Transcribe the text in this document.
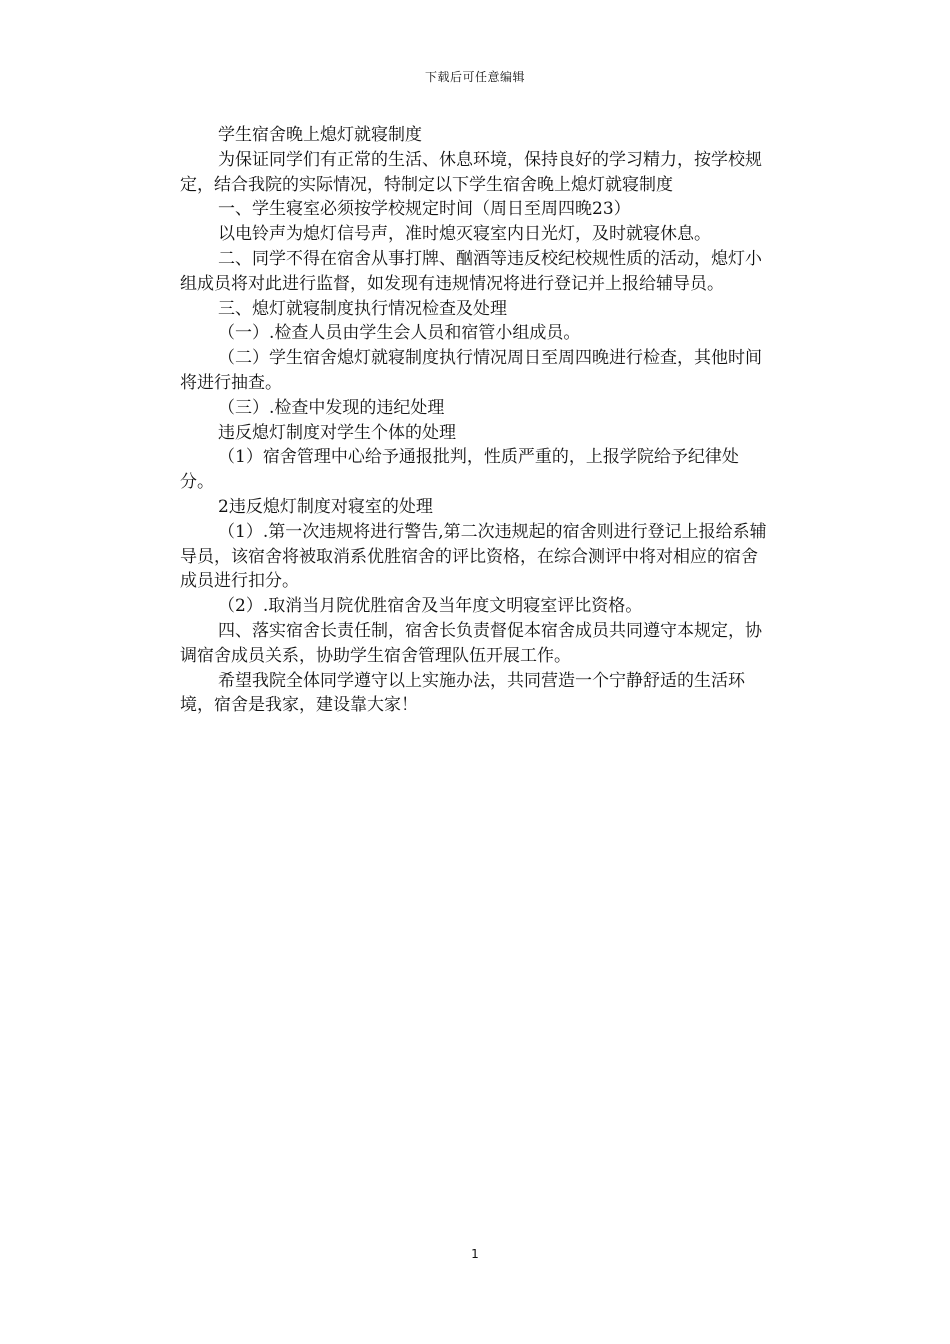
下载后可任意编辑

学生宿舍晚上熄灯就寝制度

为保证同学们有正常的生活、休息环境，保持良好的学习精力，按学校规定，结合我院的实际情况，特制定以下学生宿舍晚上熄灯就寝制度

一、学生寝室必须按学校规定时间（周日至周四晚23）

以电铃声为熄灯信号声，准时熄灭寝室内日光灯，及时就寝休息。

二、同学不得在宿舍从事打牌、酗酒等违反校纪校规性质的活动，熄灯小组成员将对此进行监督，如发现有违规情况将进行登记并上报给辅导员。

三、熄灯就寝制度执行情况检查及处理

（一）.检查人员由学生会人员和宿管小组成员。

（二）学生宿舍熄灯就寝制度执行情况周日至周四晚进行检查，其他时间将进行抽查。

（三）.检查中发现的违纪处理

违反熄灯制度对学生个体的处理

（1）宿舍管理中心给予通报批判，性质严重的，上报学院给予纪律处分。

2违反熄灯制度对寝室的处理

（1）.第一次违规将进行警告,第二次违规起的宿舍则进行登记上报给系辅导员，该宿舍将被取消系优胜宿舍的评比资格，在综合测评中将对相应的宿舍成员进行扣分。

（2）.取消当月院优胜宿舍及当年度文明寝室评比资格。

四、落实宿舍长责任制，宿舍长负责督促本宿舍成员共同遵守本规定，协调宿舍成员关系，协助学生宿舍管理队伍开展工作。

希望我院全体同学遵守以上实施办法，共同营造一个宁静舒适的生活环境，宿舍是我家，建设靠大家！

1
